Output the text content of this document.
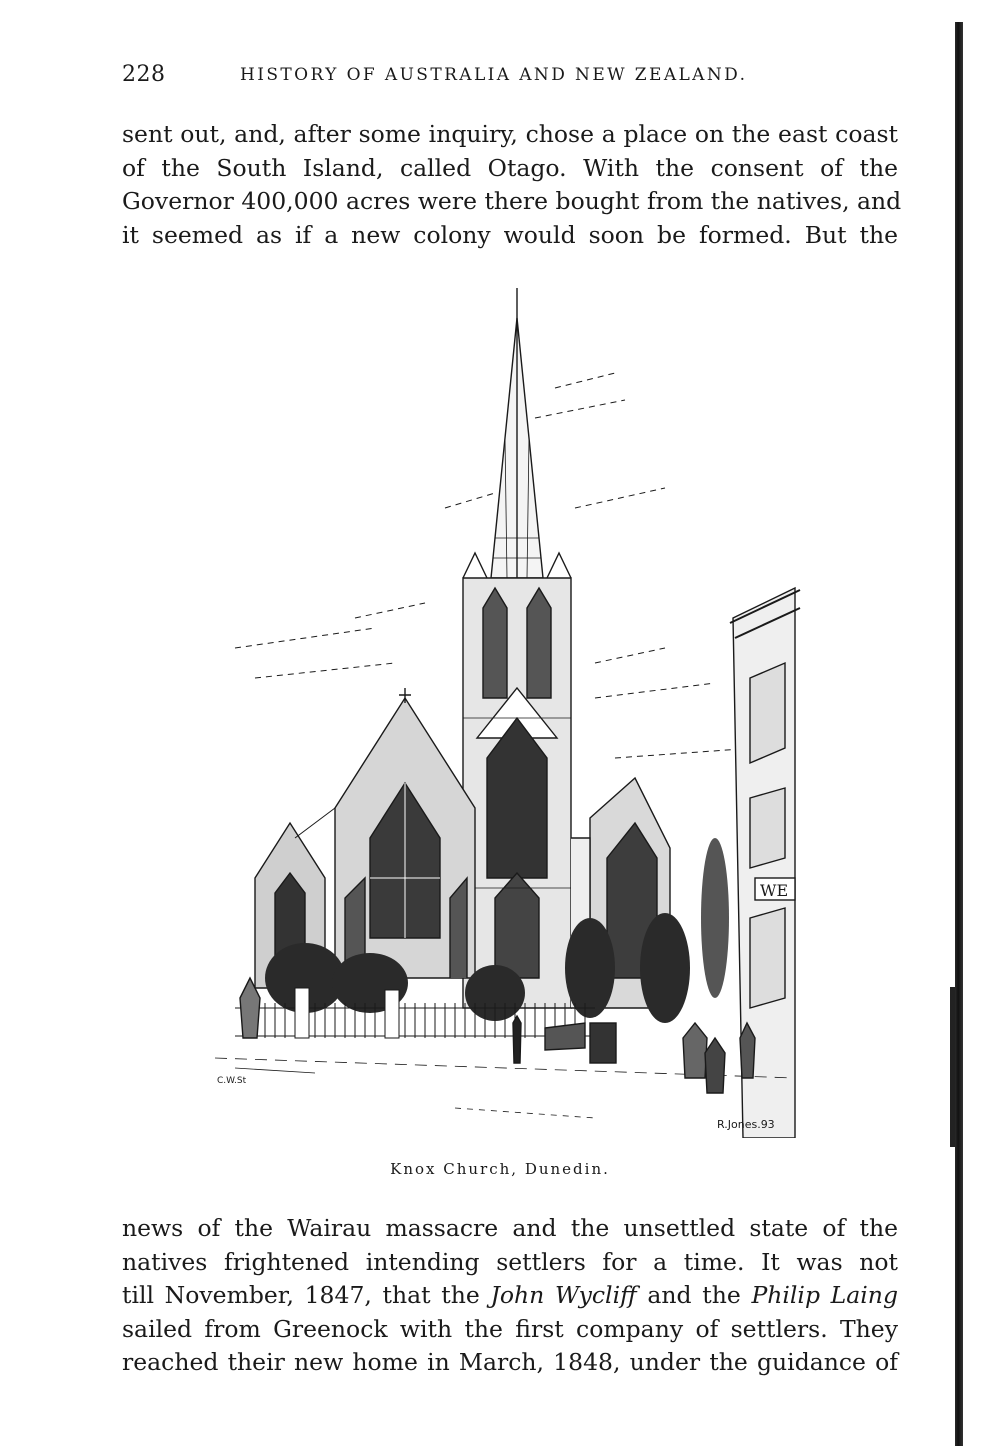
228	HISTORY OF AUSTRALIA AND NEW ZEALAND.
sent out, and, after some inquiry, chose a place on the east coast
of the South Island, called Otago. With the consent of the
Governor 400,000 acres were there bought from the natives, and
it seemed as if a new colony would soon be formed. But the
WE
C.W.St
R.Jones.93
Knox Church, Dunedin.
news of the Wairau massacre and the unsettled state of the
natives frightened intending settlers for a time. It was not
till November, 1847, that the John Wycliff and the Philip Laing
sailed from Greenock with the first company of settlers. They
reached their new home in March, 1848, under the guidance of
